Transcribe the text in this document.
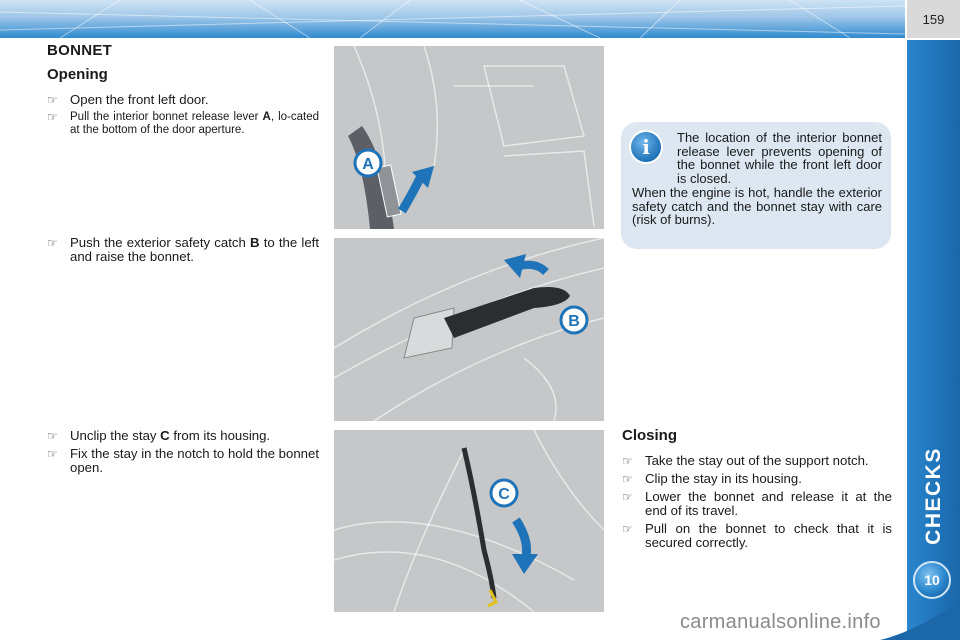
159
CHECKS
10
BONNET
Opening
☞ Open the front left door.
☞ Pull the interior bonnet release lever A, lo-cated at the bottom of the door aperture.
☞ Push the exterior safety catch B to the left and raise the bonnet.
☞ Unclip the stay C from its housing.
☞ Fix the stay in the notch to hold the bonnet open.
A
B
C
i	The location of the interior bonnet release lever prevents opening of the bonnet while the front left door is closed.
When the engine is hot, handle the exterior safety catch and the bonnet stay with care (risk of burns).
Closing
☞ Take the stay out of the support notch.
☞ Clip the stay in its housing.
☞ Lower the bonnet and release it at the end of its travel.
☞ Pull on the bonnet to check that it is secured correctly.
carmanualsonline.info
